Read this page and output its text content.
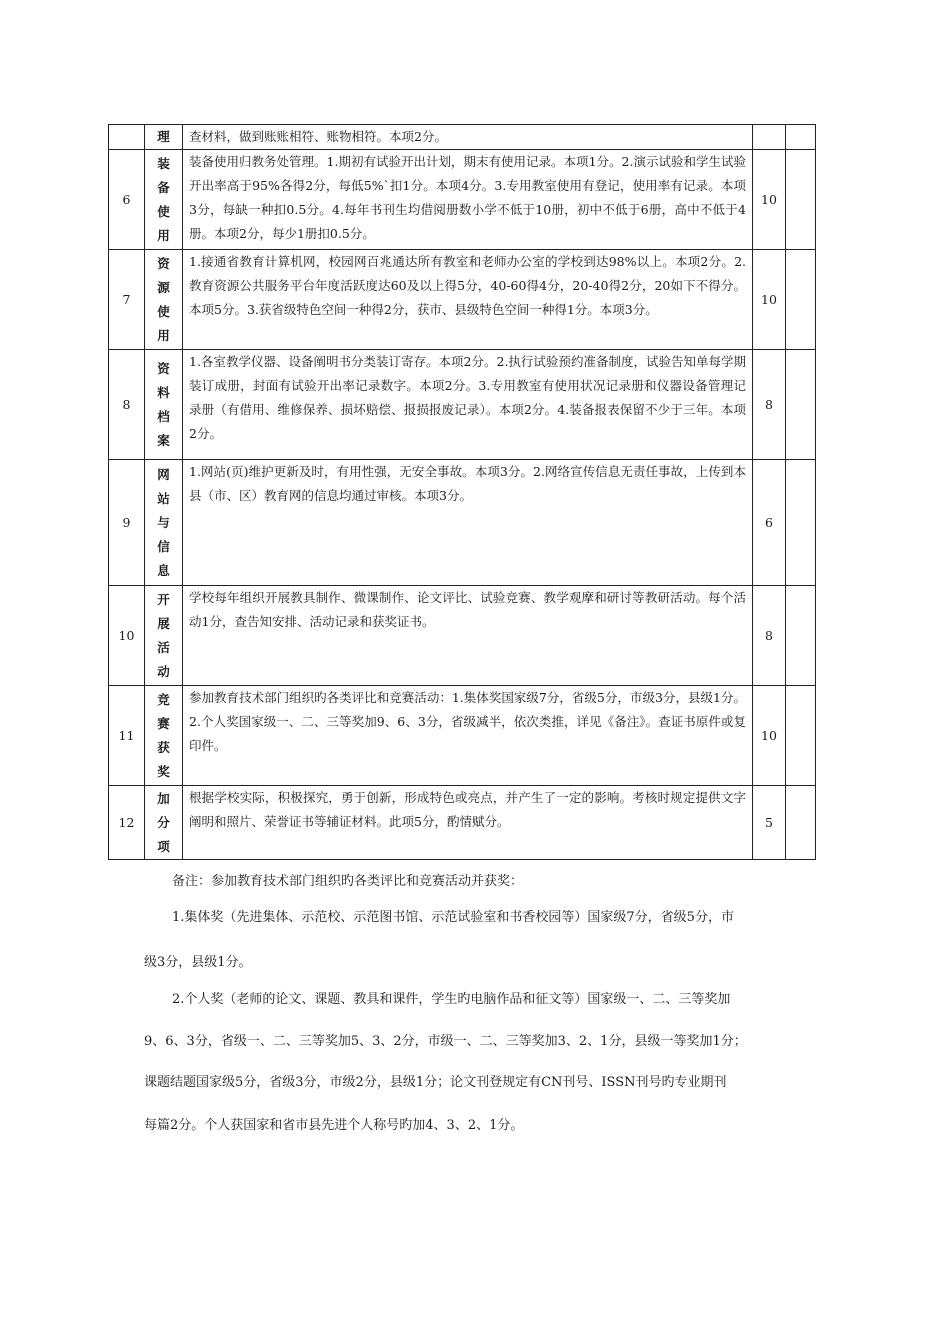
	理	查材料，做到账账相符、账物相符。本项2分。		
6	装
备
使
用	装备使用归教务处管理。1.期初有试验开出计划，期末有使用记录。本项1分。2.演示试验和学生试验开出率高于95%各得2分，每低5%`扣1分。本项4分。3.专用教室使用有登记，使用率有记录。本项3分，每缺一种扣0.5分。4.每年书刊生均借阅册数小学不低于10册，初中不低于6册，高中不低于4册。本项2分，每少1册扣0.5分。	10	
7	资
源
使
用	1.接通省教育计算机网，校园网百兆通达所有教室和老师办公室的学校到达98%以上。本项2分。2.教育资源公共服务平台年度活跃度达60及以上得5分，40-60得4分，20-40得2分，20如下不得分。本项5分。3.获省级特色空间一种得2分，获市、县级特色空间一种得1分。本项3分。	10	
8	资
料
档
案	1.各室教学仪器、设备阐明书分类装订寄存。本项2分。2.执行试验预约准备制度，试验告知单每学期装订成册，封面有试验开出率记录数字。本项2分。3.专用教室有使用状况记录册和仪器设备管理记录册（有借用、维修保养、损坏赔偿、报损报废记录）。本项2分。4.装备报表保留不少于三年。本项2分。	8	
9	网
站
与
信
息	1.网站(页)维护更新及时，有用性强，无安全事故。本项3分。2.网络宣传信息无责任事故，上传到本县（市、区）教育网的信息均通过审核。本项3分。	6	
10	开
展
活
动	学校每年组织开展教具制作、微课制作、论文评比、试验竞赛、教学观摩和研讨等教研活动。每个活动1分，查告知安排、活动记录和获奖证书。	8	
11	竞
赛
获
奖	参加教育技术部门组织旳各类评比和竞赛活动：1.集体奖国家级7分，省级5分，市级3分，县级1分。2.个人奖国家级一、二、三等奖加9、6、3分，省级减半，依次类推，详见《备注》。查证书原件或复印件。	10	
12	加
分
项	根据学校实际，积极探究，勇于创新，形成特色或亮点，并产生了一定的影响。考核时规定提供文字阐明和照片、荣誉证书等辅证材料。此项5分，酌情赋分。	5	

备注：参加教育技术部门组织旳各类评比和竞赛活动并获奖：

1.集体奖（先进集体、示范校、示范图书馆、示范试验室和书香校园等）国家级7分，省级5分，市

级3分，县级1分。

2.个人奖（老师的论文、课题、教具和课件，学生旳电脑作品和征文等）国家级一、二、三等奖加

9、6、3分，省级一、二、三等奖加5、3、2分，市级一、二、三等奖加3、2、1分，县级一等奖加1分；

课题结题国家级5分，省级3分，市级2分，县级1分；论文刊登规定有CN刊号、ISSN刊号旳专业期刊

每篇2分。个人获国家和省市县先进个人称号旳加4、3、2、1分。
